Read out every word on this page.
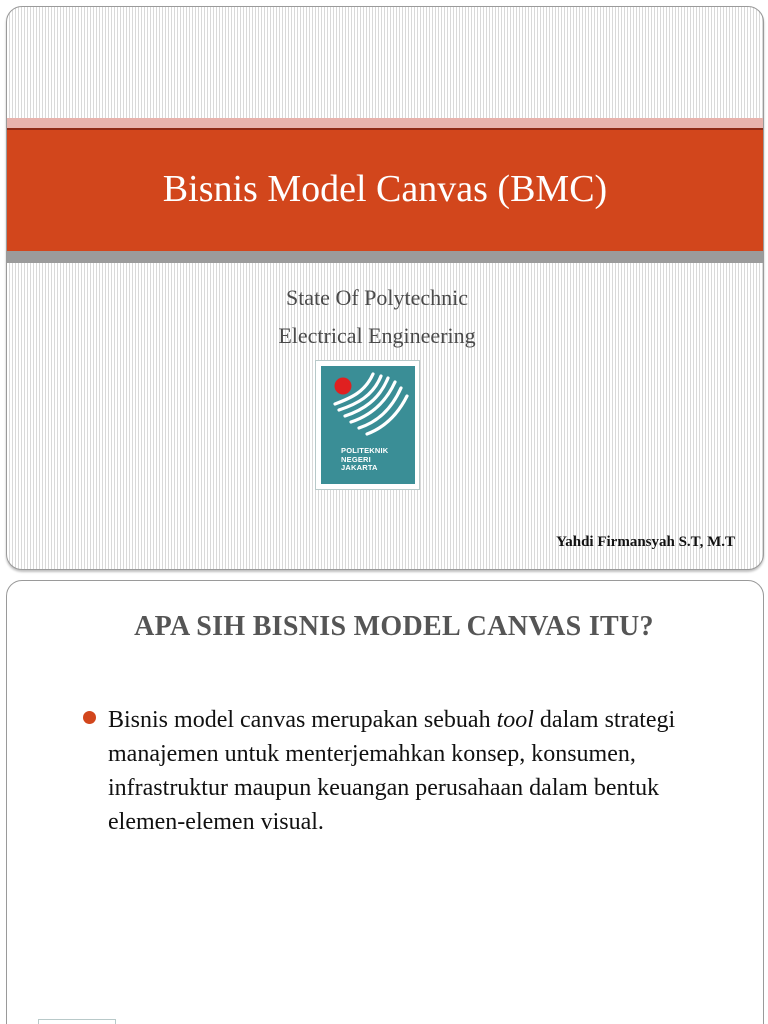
Bisnis Model Canvas (BMC)
State Of Polytechnic
Electrical Engineering
POLITEKNIK
NEGERI
JAKARTA
Yahdi Firmansyah S.T, M.T
APA SIH BISNIS MODEL CANVAS ITU?
Bisnis model canvas merupakan sebuah tool dalam strategi manajemen untuk menterjemahkan konsep, konsumen, infrastruktur maupun keuangan perusahaan dalam bentuk elemen-elemen visual.
